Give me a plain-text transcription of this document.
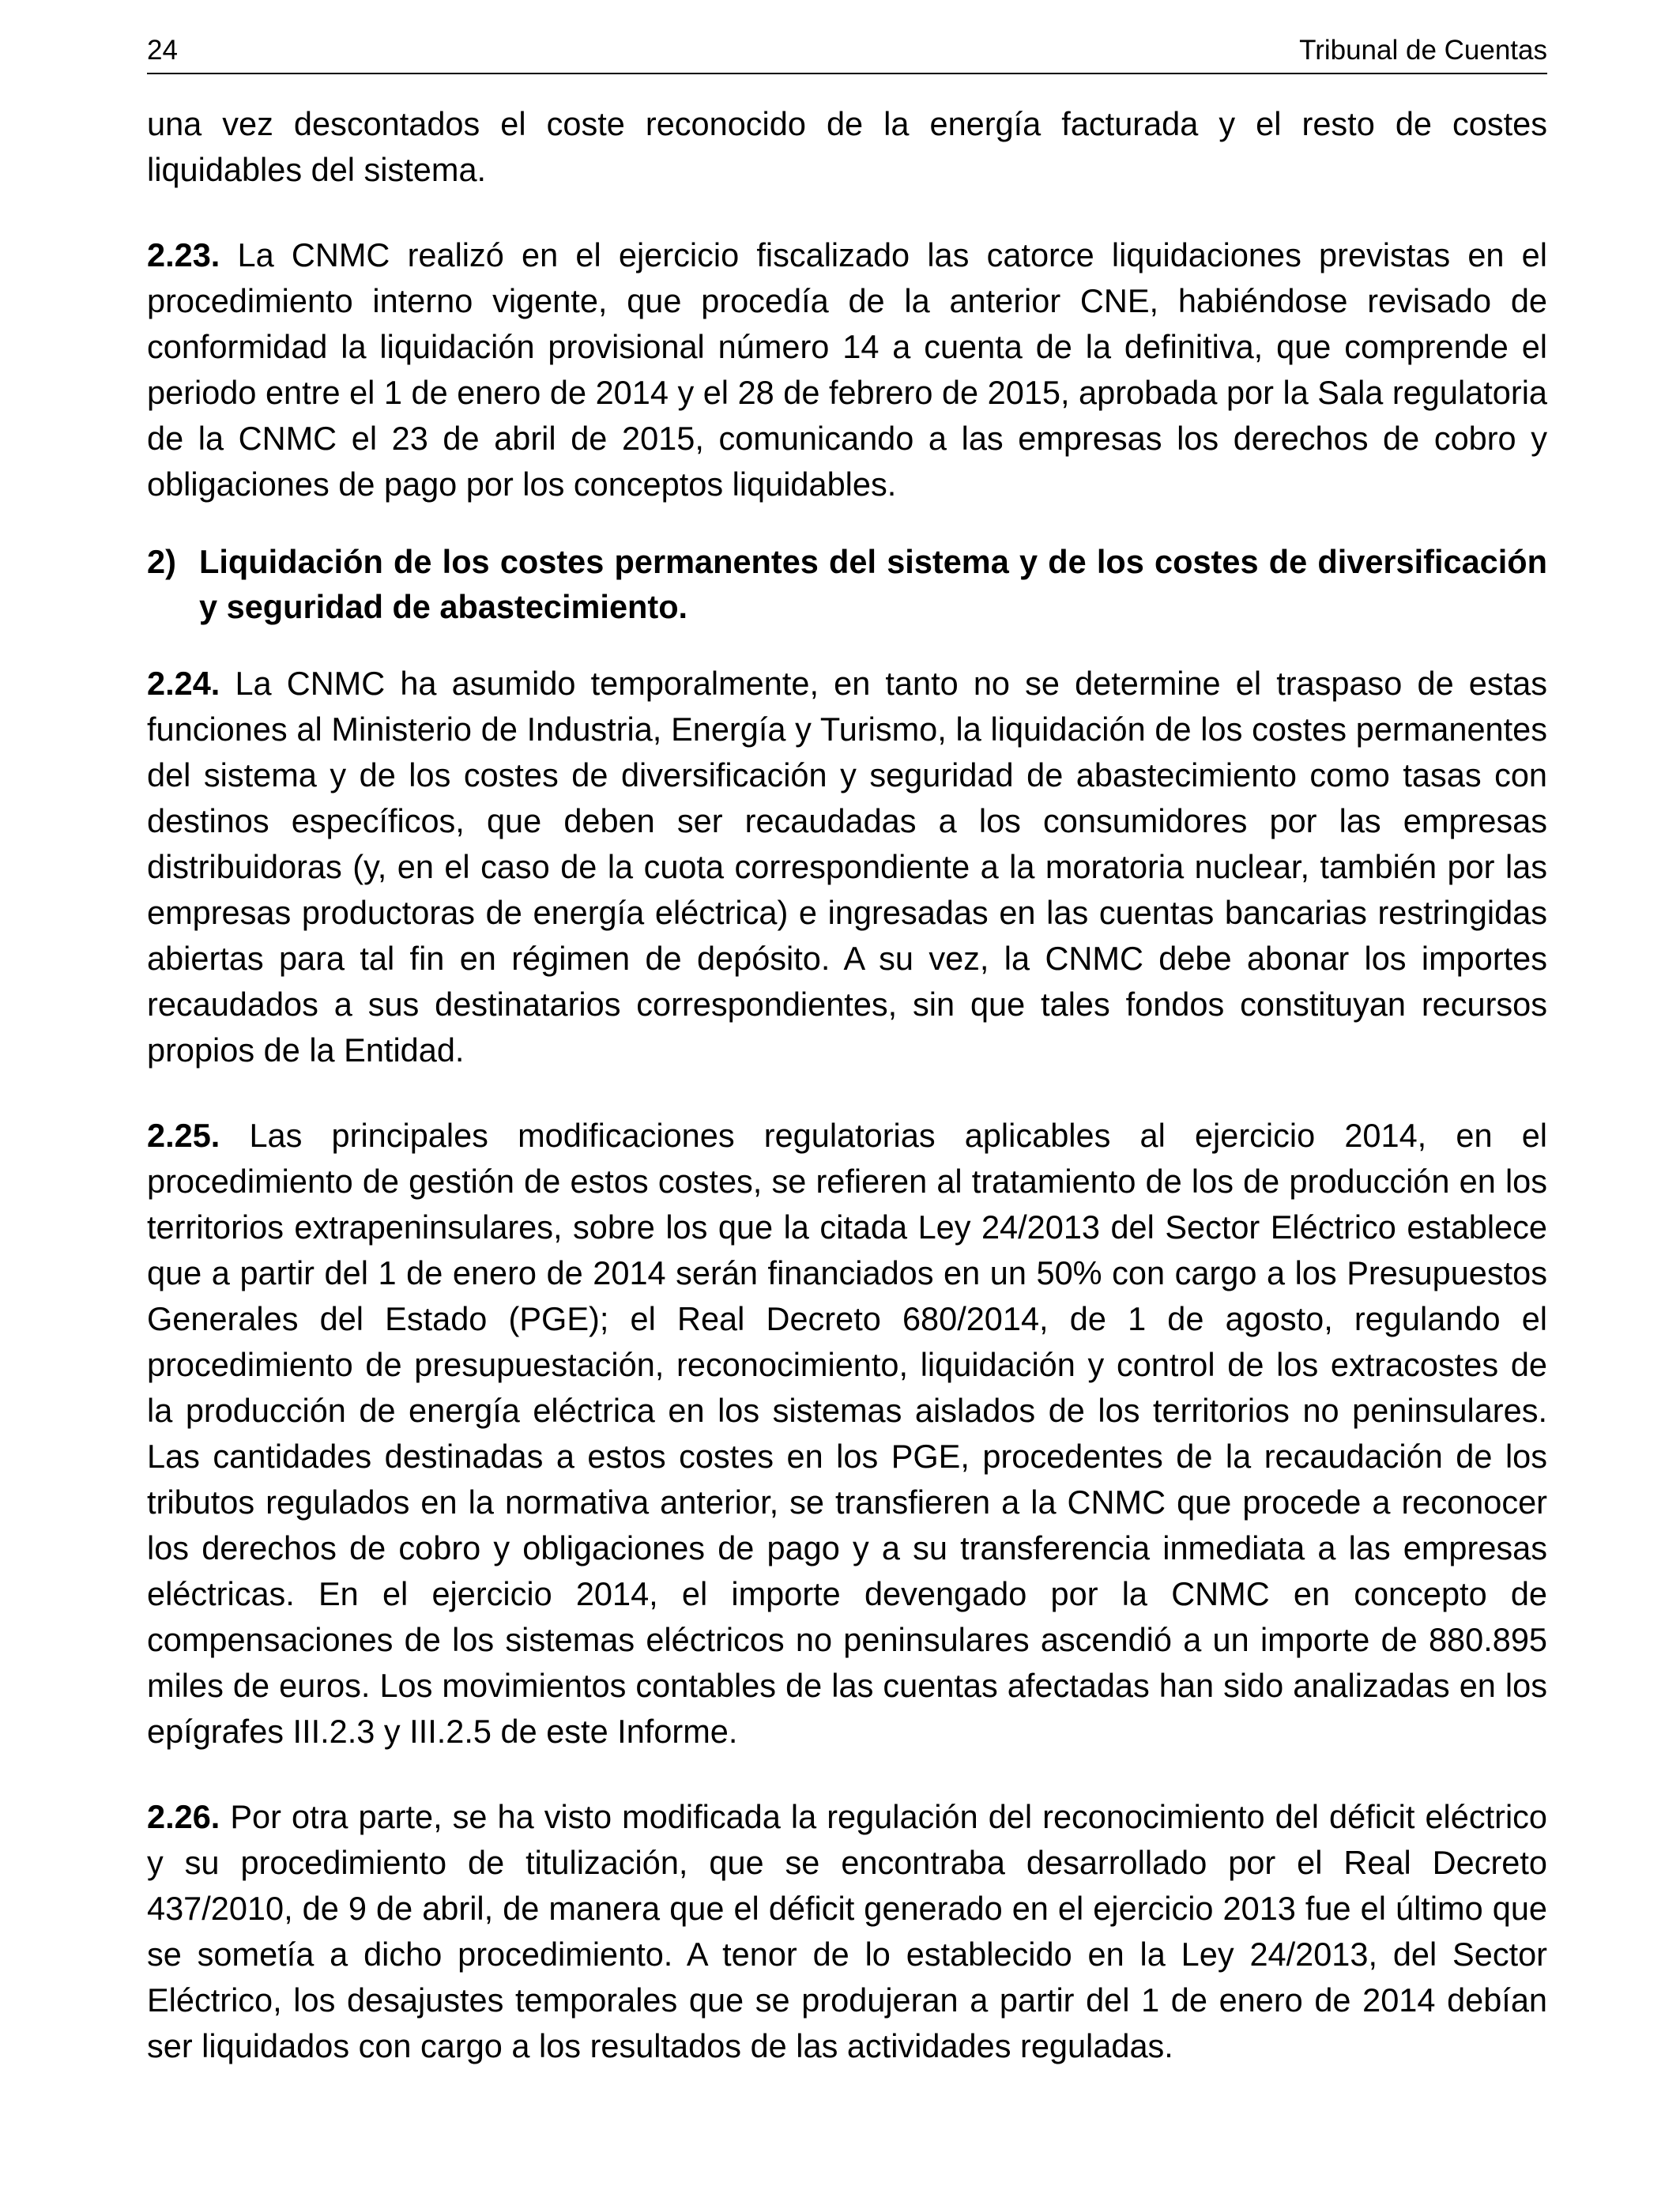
24	Tribunal de Cuentas

una vez descontados el coste reconocido de la energía facturada y el resto de costes liquidables del sistema.

2.23. La CNMC realizó en el ejercicio fiscalizado las catorce liquidaciones previstas en el procedimiento interno vigente, que procedía de la anterior CNE, habiéndose revisado de conformidad la liquidación provisional número 14 a cuenta de la definitiva, que comprende el periodo entre el 1 de enero de 2014 y el 28 de febrero de 2015, aprobada por la Sala regulatoria de la CNMC el 23 de abril de 2015, comunicando a las empresas los derechos de cobro y obligaciones de pago por los conceptos liquidables.

2) Liquidación de los costes permanentes del sistema y de los costes de diversificación y seguridad de abastecimiento.

2.24. La CNMC ha asumido temporalmente, en tanto no se determine el traspaso de estas funciones al Ministerio de Industria, Energía y Turismo, la liquidación de los costes permanentes del sistema y de los costes de diversificación y seguridad de abastecimiento como tasas con destinos específicos, que deben ser recaudadas a los consumidores por las empresas distribuidoras (y, en el caso de la cuota correspondiente a la moratoria nuclear, también por las empresas productoras de energía eléctrica) e ingresadas en las cuentas bancarias restringidas abiertas para tal fin en régimen de depósito. A su vez, la CNMC debe abonar los importes recaudados a sus destinatarios correspondientes, sin que tales fondos constituyan recursos propios de la Entidad.

2.25. Las principales modificaciones regulatorias aplicables al ejercicio 2014, en el procedimiento de gestión de estos costes, se refieren al tratamiento de los de producción en los territorios extrapeninsulares, sobre los que la citada Ley 24/2013 del Sector Eléctrico establece que a partir del 1 de enero de 2014 serán financiados en un 50% con cargo a los Presupuestos Generales del Estado (PGE); el Real Decreto 680/2014, de 1 de agosto, regulando el procedimiento de presupuestación, reconocimiento, liquidación y control de los extracostes de la producción de energía eléctrica en los sistemas aislados de los territorios no peninsulares. Las cantidades destinadas a estos costes en los PGE, procedentes de la recaudación de los tributos regulados en la normativa anterior, se transfieren a la CNMC que procede a reconocer los derechos de cobro y obligaciones de pago y a su transferencia inmediata a las empresas eléctricas. En el ejercicio 2014, el importe devengado por la CNMC en concepto de compensaciones de los sistemas eléctricos no peninsulares ascendió a un importe de 880.895 miles de euros. Los movimientos contables de las cuentas afectadas han sido analizadas en los epígrafes III.2.3 y III.2.5 de este Informe.

2.26. Por otra parte, se ha visto modificada la regulación del reconocimiento del déficit eléctrico y su procedimiento de titulización, que se encontraba desarrollado por el Real Decreto 437/2010, de 9 de abril, de manera que el déficit generado en el ejercicio 2013 fue el último que se sometía a dicho procedimiento. A tenor de lo establecido en la Ley 24/2013, del Sector Eléctrico, los desajustes temporales que se produjeran a partir del 1 de enero de 2014 debían ser liquidados con cargo a los resultados de las actividades reguladas.
